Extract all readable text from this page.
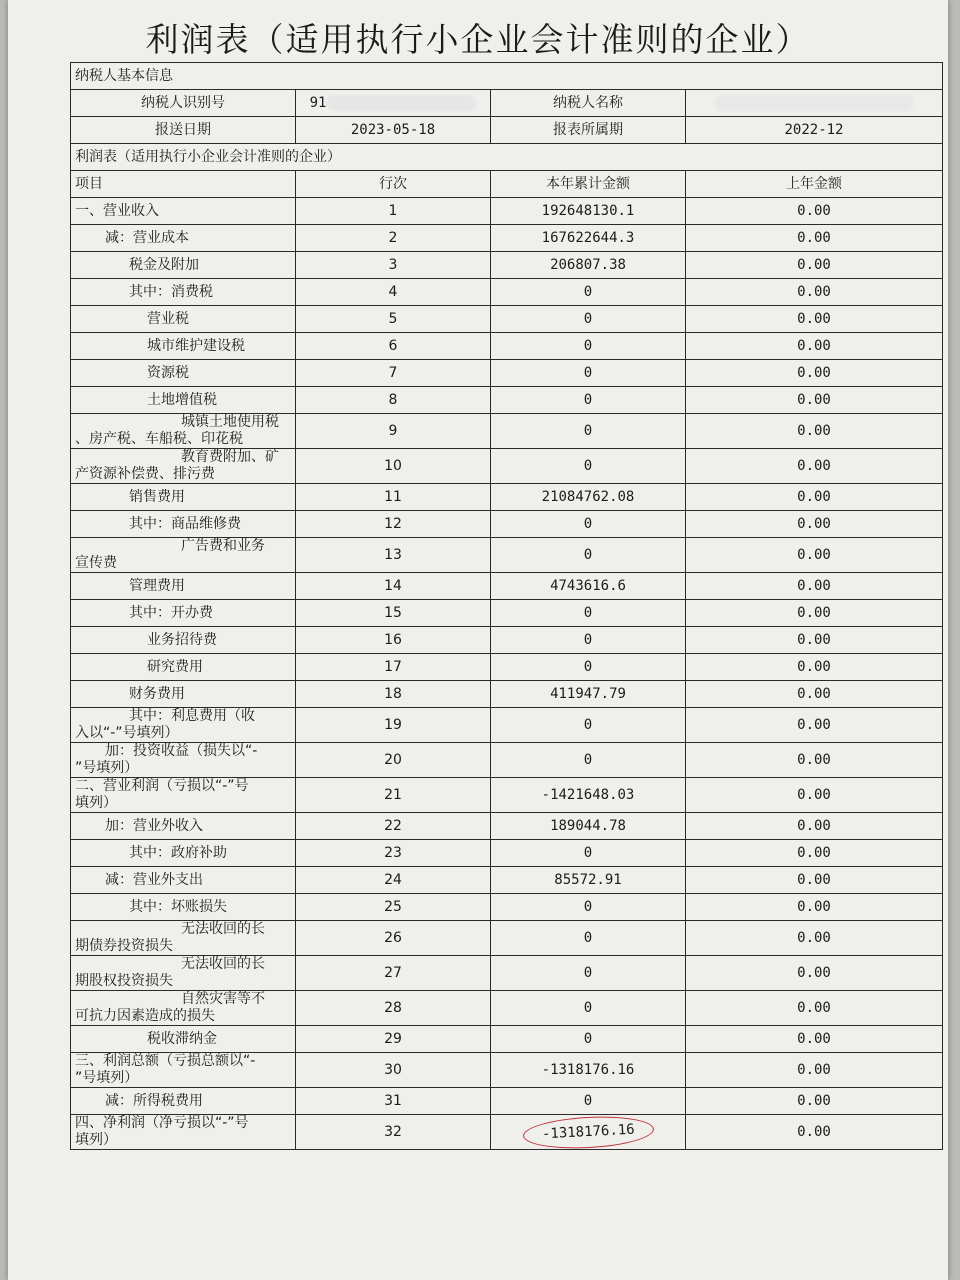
利润表（适用执行小企业会计准则的企业）
纳税人基本信息			
纳税人识别号	91	纳税人名称	
报送日期	2023-05-18	报表所属期	2022-12
利润表（适用执行小企业会计准则的企业）			
项目	行次	本年累计金额	上年金额
一、营业收入	1	192648130.1	0.00
减：营业成本	2	167622644.3	0.00
税金及附加	3	206807.38	0.00
其中：消费税	4	0	0.00
营业税	5	0	0.00
城市维护建设税	6	0	0.00
资源税	7	0	0.00
土地增值税	8	0	0.00

城镇土地使用税
、房产税、车船税、印花税	9	0	0.00

教育费附加、矿
产资源补偿费、排污费	10	0	0.00
销售费用	11	21084762.08	0.00
其中：商品维修费	12	0	0.00

广告费和业务
宣传费	13	0	0.00
管理费用	14	4743616.6	0.00
其中：开办费	15	0	0.00
业务招待费	16	0	0.00
研究费用	17	0	0.00
财务费用	18	411947.79	0.00

其中：利息费用（收
入以“-”号填列）	19	0	0.00

加：投资收益（损失以“-
”号填列）	20	0	0.00

二、营业利润（亏损以“-”号
填列）	21	-1421648.03	0.00
加：营业外收入	22	189044.78	0.00
其中：政府补助	23	0	0.00
减：营业外支出	24	85572.91	0.00
其中：坏账损失	25	0	0.00

无法收回的长
期债券投资损失	26	0	0.00

无法收回的长
期股权投资损失	27	0	0.00

自然灾害等不
可抗力因素造成的损失	28	0	0.00
税收滞纳金	29	0	0.00

三、利润总额（亏损总额以“-
”号填列）	30	-1318176.16	0.00
减：所得税费用	31	0	0.00

四、净利润（净亏损以“-”号
填列）	32	-1318176.16	0.00
